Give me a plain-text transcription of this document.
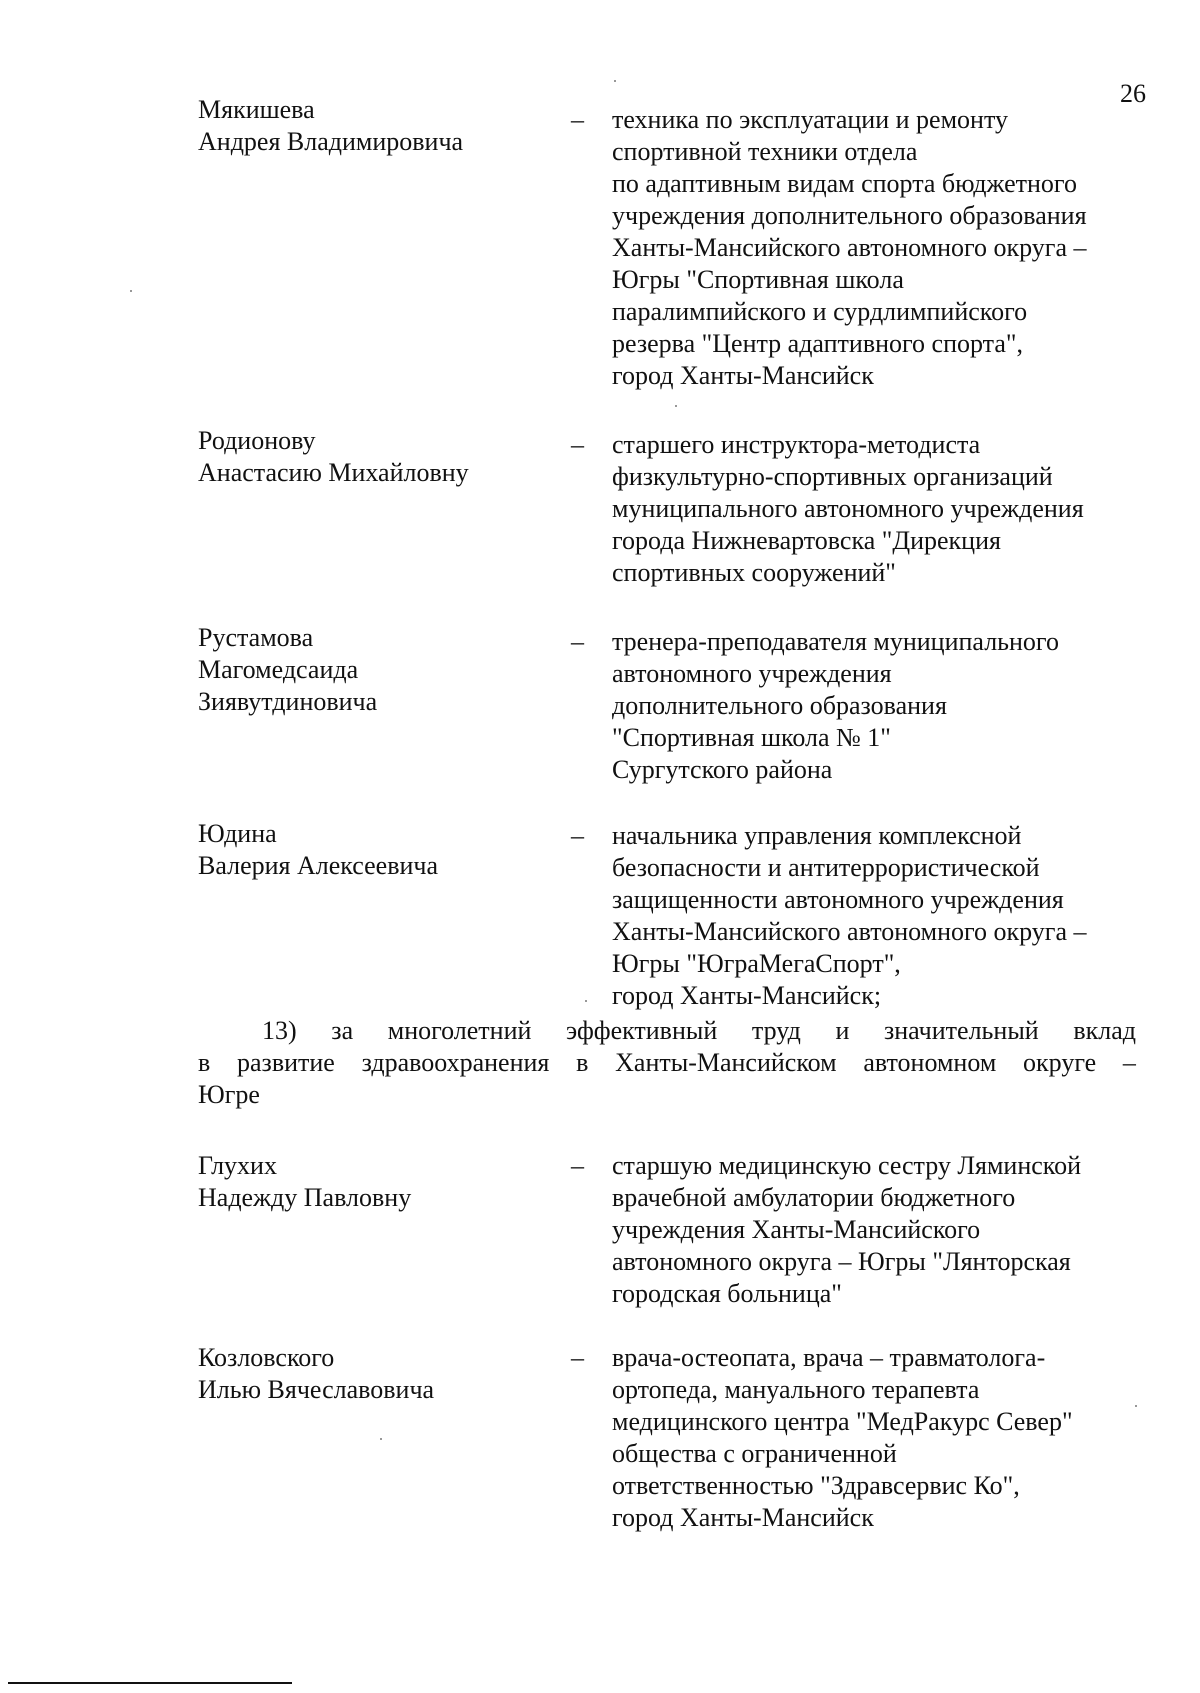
26
Мякишева
Андрея Владимировича
– техника по эксплуатации и ремонту
спортивной техники отдела
по адаптивным видам спорта бюджетного
учреждения дополнительного образования
Ханты-Мансийского автономного округа –
Югры "Спортивная школа
паралимпийского и сурдлимпийского
резерва "Центр адаптивного спорта",
город Ханты-Мансийск
Родионову
Анастасию Михайловну
– старшего инструктора-методиста
физкультурно-спортивных организаций
муниципального автономного учреждения
города Нижневартовска "Дирекция
спортивных сооружений"
Рустамова
Магомедсаида
Зиявутдиновича
– тренера-преподавателя муниципального
автономного учреждения
дополнительного образования
"Спортивная школа № 1"
Сургутского района
Юдина
Валерия Алексеевича
– начальника управления комплексной
безопасности и антитеррористической
защищенности автономного учреждения
Ханты-Мансийского автономного округа –
Югры "ЮграМегаСпорт",
город Ханты-Мансийск;
13) за многолетний эффективный труд и значительный вклад
в развитие здравоохранения в Ханты-Мансийском автономном округе –
Югре
Глухих
Надежду Павловну
– старшую медицинскую сестру Ляминской
врачебной амбулатории бюджетного
учреждения Ханты-Мансийского
автономного округа – Югры "Лянторская
городская больница"
Козловского
Илью Вячеславовича
– врача-остеопата, врача – травматолога-
ортопеда, мануального терапевта
медицинского центра "МедРакурс Север"
общества с ограниченной
ответственностью "Здравсервис Ко",
город Ханты-Мансийск
